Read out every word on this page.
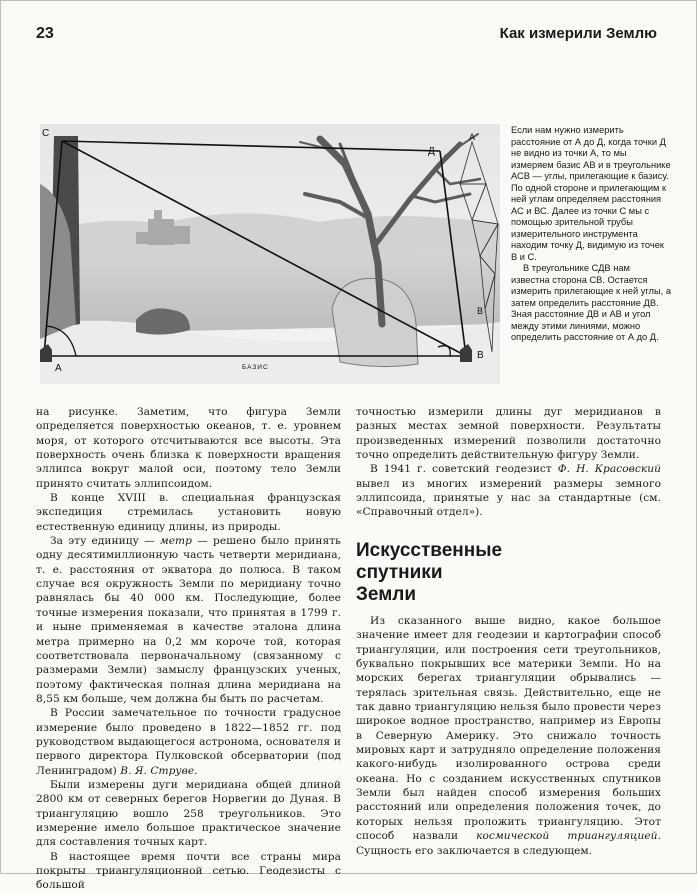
23	Как измерили Землю
С
А
В
Д
А
В
БАЗИС

Если нам нужно измерить расстояние от А до Д, когда точки Д не видно из точки А, то мы измеряем базис АВ и в треугольнике АСВ — углы, прилегающие к базису. По одной стороне и прилегающим к ней углам определяем расстояния АС и ВС. Далее из точки С мы с помощью зрительной трубы измерительного инструмента находим точку Д, видимую из точек В и С.

В треугольнике СДВ нам известна сторона СВ. Остается измерить прилегающие к ней углы, а затем определить расстояние ДВ. Зная расстояние ДВ и АВ и угол между этими линиями, можно определить расстояние от А до Д.

на рисунке. Заметим, что фигура Земли определяется поверхностью океанов, т. е. уровнем моря, от которого отсчитываются все высоты. Эта поверхность очень близка к поверхности вращения эллипса вокруг малой оси, поэтому тело Земли принято считать эллипсоидом.

В конце XVIII в. специальная французская экспедиция стремилась установить новую естественную единицу длины, из природы.

За эту единицу — метр — решено было принять одну десятимиллионную часть четверти меридиана, т. е. расстояния от экватора до полюса. В таком случае вся окружность Земли по меридиану точно равнялась бы 40 000 км. Последующие, более точные измерения показали, что принятая в 1799 г. и ныне применяемая в качестве эталона длина метра примерно на 0,2 мм короче той, которая соответствовала первоначальному (связанному с размерами Земли) замыслу французских ученых, поэтому фактическая полная длина меридиана на 8,55 км больше, чем должна бы быть по расчетам.

В России замечательное по точности градусное измерение было проведено в 1822—1852 гг. под руководством выдающегося астронома, основателя и первого директора Пулковской обсерватории (под Ленинградом) В. Я. Струве.

Были измерены дуги меридиана общей длиной 2800 км от северных берегов Норвегии до Дуная. В триангуляцию вошло 258 треугольников. Это измерение имело большое практическое значение для составления точных карт.

В настоящее время почти все страны мира покрыты триангуляционной сетью. Геодезисты с большой

точностью измерили длины дуг меридианов в разных местах земной поверхности. Результаты произведенных измерений позволили достаточно точно определить действительную фигуру Земли.

В 1941 г. советский геодезист Ф. Н. Красовский вывел из многих измерений размеры земного эллипсоида, принятые у нас за стандартные (см. «Справочный отдел»).

Искусственные
спутники
Земли

Из сказанного выше видно, какое большое значение имеет для геодезии и картографии способ триангуляции, или построения сети треугольников, буквально покрывших все материки Земли. Но на морских берегах триангуляции обрывались — терялась зрительная связь. Действительно, еще не так давно триангуляцию нельзя было провести через широкое водное пространство, например из Европы в Северную Америку. Это снижало точность мировых карт и затрудняло определение положения какого-нибудь изолированного острова среди океана. Но с созданием искусственных спутников Земли был найден способ измерения больших расстояний или определения положения точек, до которых нельзя проложить триангуляцию. Этот способ назвали космической триангуляцией. Сущность его заключается в следующем.
